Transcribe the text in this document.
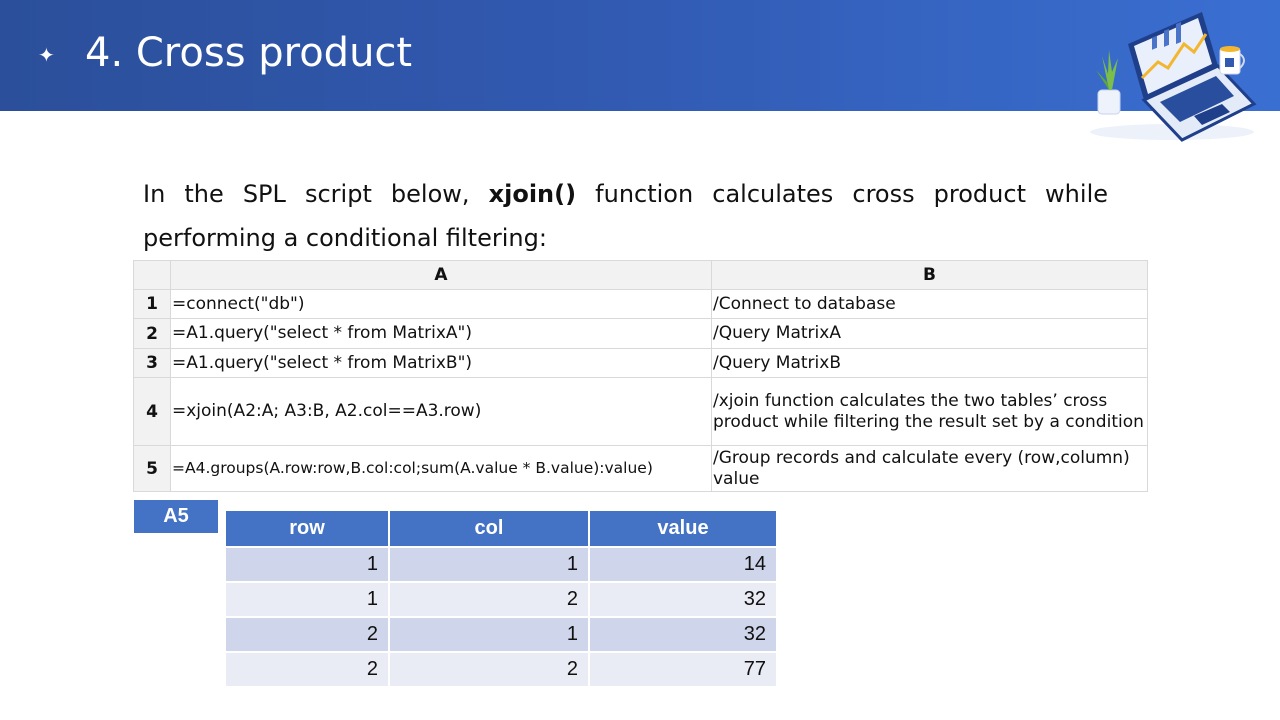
✦ 4. Cross product
In the SPL script below, xjoin() function calculates cross product while performing a conditional filtering:
	A	B
1	=connect("db")	/Connect to database
2	=A1.query("select * from MatrixA")	/Query MatrixA
3	=A1.query("select * from MatrixB")	/Query MatrixB
4	=xjoin(A2:A; A3:B, A2.col==A3.row)	/xjoin function calculates the two tables’ cross product while filtering the result set by a condition
5	=A4.groups(A.row:row,B.col:col;sum(A.value * B.value):value)	/Group records and calculate every (row,column) value
A5
row	col	value
1	1	14
1	2	32
2	1	32
2	2	77
